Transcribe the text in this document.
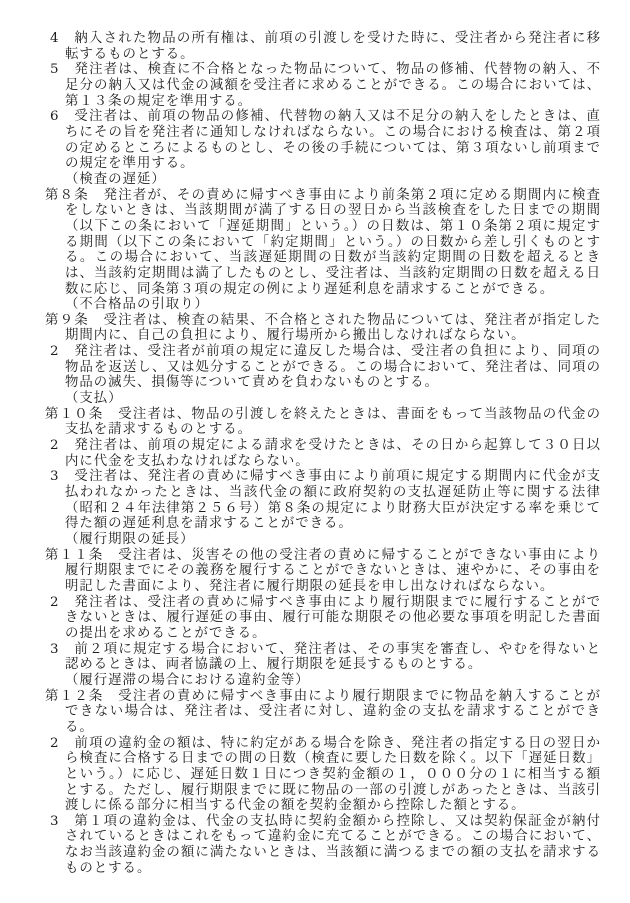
4　納入された物品の所有権は、前項の引渡しを受けた時に、受注者から発注者に移転するものとする。

5　発注者は、検査に不合格となった物品について、物品の修補、代替物の納入、不足分の納入又は代金の減額を受注者に求めることができる。この場合においては、第１３条の規定を準用する。

6　受注者は、前項の物品の修補、代替物の納入又は不足分の納入をしたときは、直ちにその旨を発注者に通知しなければならない。この場合における検査は、第２項の定めるところによるものとし、その後の手続については、第３項ないし前項までの規定を準用する。

（検査の遅延）

第８条　発注者が、その責めに帰すべき事由により前条第２項に定める期間内に検査をしないときは、当該期間が満了する日の翌日から当該検査をした日までの期間（以下この条において「遅延期間」という。）の日数は、第１０条第２項に規定する期間（以下この条において「約定期間」という。）の日数から差し引くものとする。この場合において、当該遅延期間の日数が当該約定期間の日数を超えるときは、当該約定期間は満了したものとし、受注者は、当該約定期間の日数を超える日数に応じ、同条第３項の規定の例により遅延利息を請求することができる。

（不合格品の引取り）

第９条　受注者は、検査の結果、不合格とされた物品については、発注者が指定した期間内に、自己の負担により、履行場所から搬出しなければならない。

2　発注者は、受注者が前項の規定に違反した場合は、受注者の負担により、同項の物品を返送し、又は処分することができる。この場合において、発注者は、同項の物品の滅失、損傷等について責めを負わないものとする。

（支払）

第１０条　受注者は、物品の引渡しを終えたときは、書面をもって当該物品の代金の支払を請求するものとする。

2　発注者は、前項の規定による請求を受けたときは、その日から起算して３０日以内に代金を支払わなければならない。

3　受注者は、発注者の責めに帰すべき事由により前項に規定する期間内に代金が支払われなかったときは、当該代金の額に政府契約の支払遅延防止等に関する法律（昭和２４年法律第２５６号）第８条の規定により財務大臣が決定する率を乗じて得た額の遅延利息を請求することができる。

（履行期限の延長）

第１１条　受注者は、災害その他の受注者の責めに帰することができない事由により履行期限までにその義務を履行することができないときは、速やかに、その事由を明記した書面により、発注者に履行期限の延長を申し出なければならない。

2　発注者は、受注者の責めに帰すべき事由により履行期限までに履行することができないときは、履行遅延の事由、履行可能な期限その他必要な事項を明記した書面の提出を求めることができる。

3　前２項に規定する場合において、発注者は、その事実を審査し、やむを得ないと認めるときは、両者協議の上、履行期限を延長するものとする。

（履行遅滞の場合における違約金等）

第１２条　受注者の責めに帰すべき事由により履行期限までに物品を納入することができない場合は、発注者は、受注者に対し、違約金の支払を請求することができる。

2　前項の違約金の額は、特に約定がある場合を除き、発注者の指定する日の翌日から検査に合格する日までの間の日数（検査に要した日数を除く。以下「遅延日数」という。）に応じ、遅延日数１日につき契約金額の１，０００分の１に相当する額とする。ただし、履行期限までに既に物品の一部の引渡しがあったときは、当該引渡しに係る部分に相当する代金の額を契約金額から控除した額とする。

3　第１項の違約金は、代金の支払時に契約金額から控除し、又は契約保証金が納付されているときはこれをもって違約金に充てることができる。この場合において、なお当該違約金の額に満たないときは、当該額に満つるまでの額の支払を請求するものとする。
